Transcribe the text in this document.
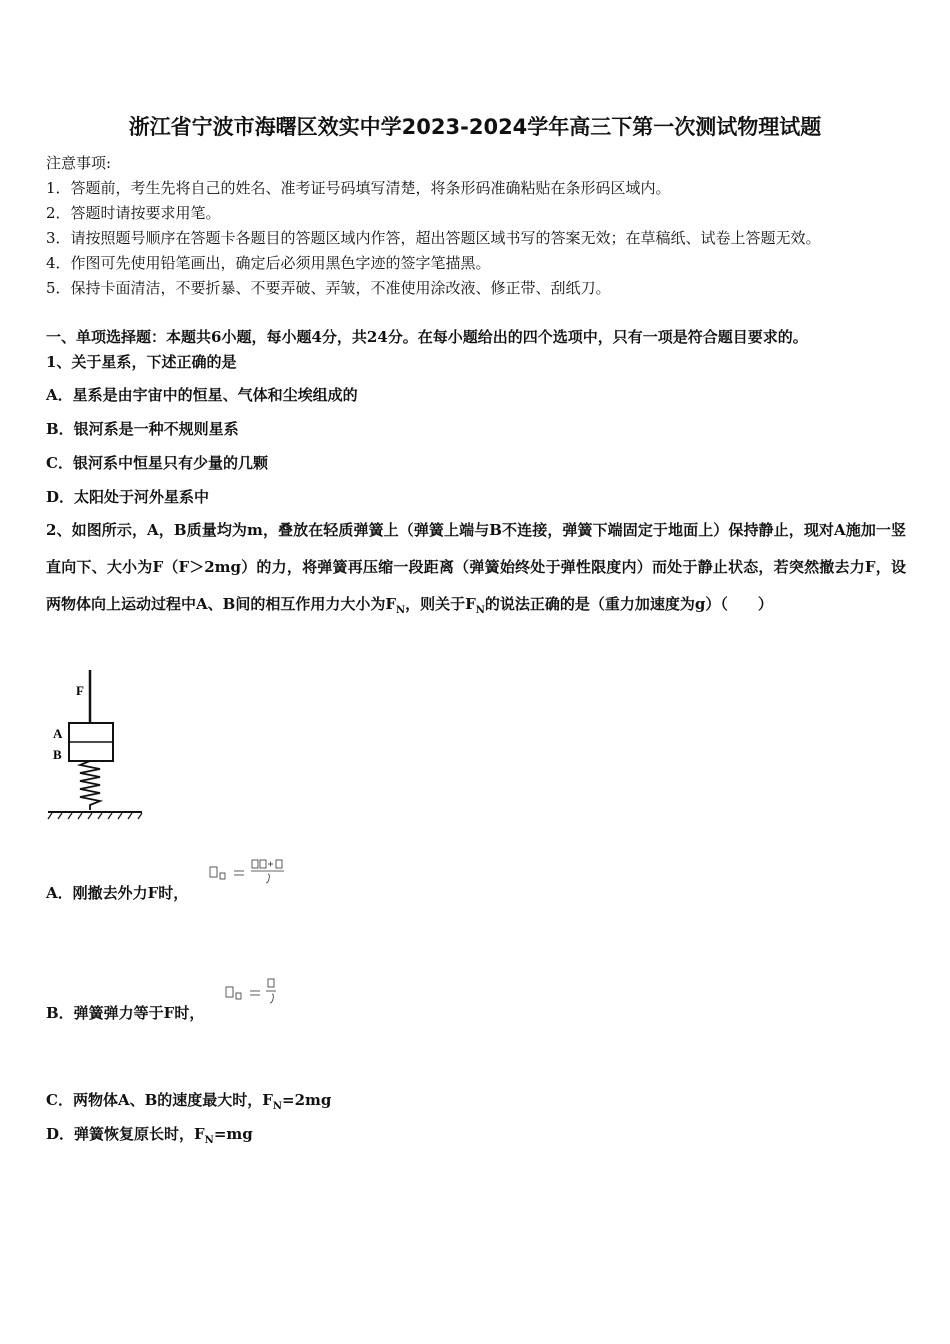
浙江省宁波市海曙区效实中学2023-2024学年高三下第一次测试物理试题
注意事项:
1．答题前，考生先将自己的姓名、准考证号码填写清楚，将条形码准确粘贴在条形码区域内。
2．答题时请按要求用笔。
3．请按照题号顺序在答题卡各题目的答题区域内作答，超出答题区域书写的答案无效；在草稿纸、试卷上答题无效。
4．作图可先使用铅笔画出，确定后必须用黑色字迹的签字笔描黑。
5．保持卡面清洁，不要折暴、不要弄破、弄皱，不准使用涂改液、修正带、刮纸刀。
一、单项选择题：本题共6小题，每小题4分，共24分。在每小题给出的四个选项中，只有一项是符合题目要求的。
1、关于星系，下述正确的是
A．星系是由宇宙中的恒星、气体和尘埃组成的
B．银河系是一种不规则星系
C．银河系中恒星只有少量的几颗
D．太阳处于河外星系中
2、如图所示，A，B质量均为m，叠放在轻质弹簧上（弹簧上端与B不连接，弹簧下端固定于地面上）保持静止，现对A施加一竖直向下、大小为F（F＞2mg）的力，将弹簧再压缩一段距离（弹簧始终处于弹性限度内）而处于静止状态，若突然撤去力F，设两物体向上运动过程中A、B间的相互作用力大小为$F_N$，则关于$F_N$的说法正确的是（重力加速度为g）（　　）
F
A
B
A．刚撤去外力F时，
B．弹簧弹力等于F时，
C．两物体A、B的速度最大时，$F_N=2mg$
D．弹簧恢复原长时，$F_N=mg$
